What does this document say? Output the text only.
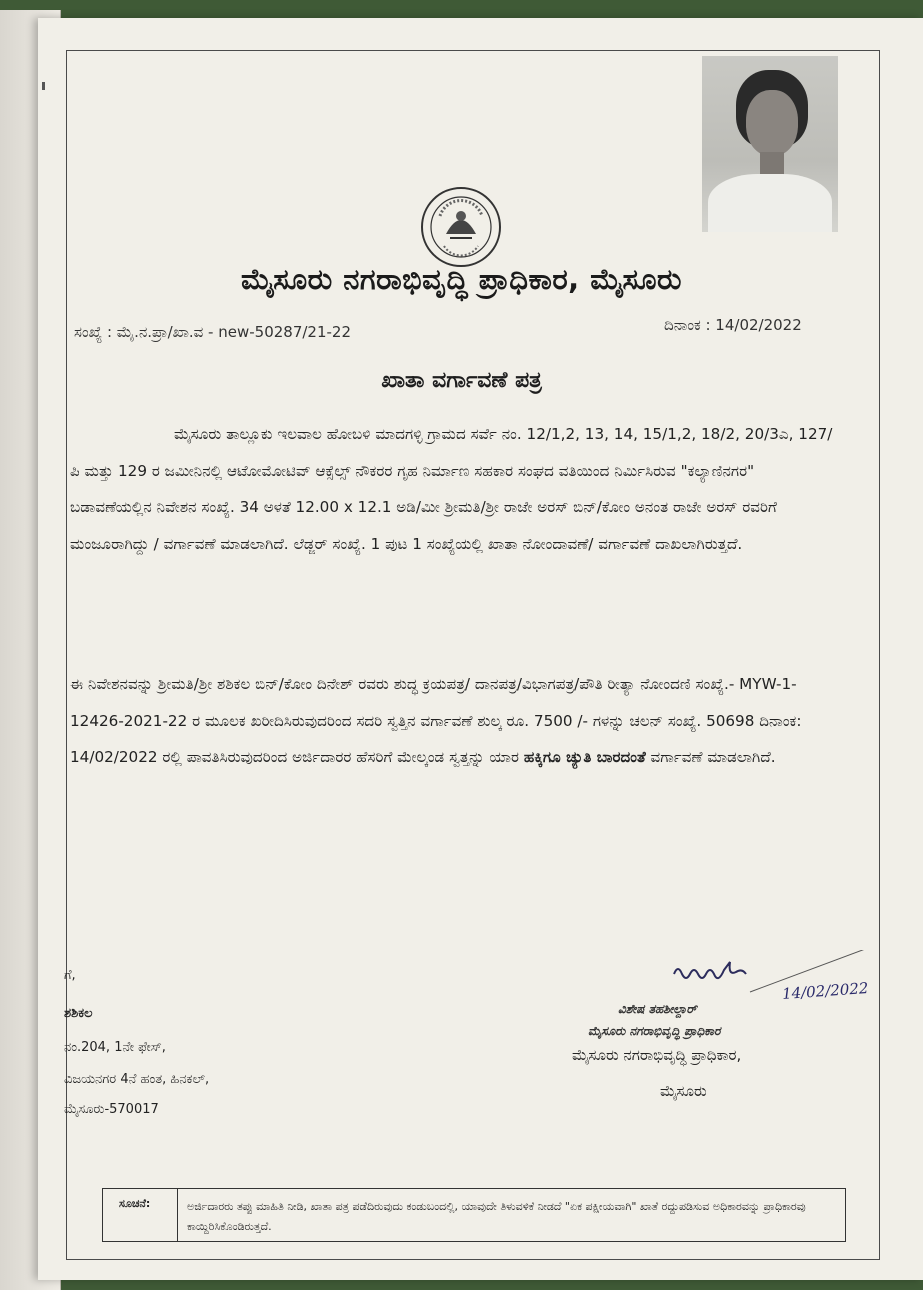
ಮೈಸೂರು ನಗರಾಭಿವೃದ್ಧಿ ಪ್ರಾಧಿಕಾರ, ಮೈಸೂರು
ಸಂಖ್ಯೆ : ಮೈ.ನ.ಪ್ರಾ/ಖಾ.ವ - new-50287/21-22	ದಿನಾಂಕ : 14/02/2022
ಖಾತಾ ವರ್ಗಾವಣೆ ಪತ್ರ

ಮೈಸೂರು ತಾಲ್ಲೂಕು ಇಲವಾಲ ಹೋಬಳಿ ಮಾದಗಳ್ಳಿ ಗ್ರಾಮದ ಸರ್ವೆ ನಂ. 12/1,2, 13, 14, 15/1,2, 18/2, 20/3ಎ, 127/ಪಿ ಮತ್ತು 129 ರ ಜಮೀನಿನಲ್ಲಿ ಆಟೋಮೋಟಿವ್ ಆಕ್ಸೆಲ್ಸ್ ನೌಕರರ ಗೃಹ ನಿರ್ಮಾಣ ಸಹಕಾರ ಸಂಘದ ವತಿಯಿಂದ ನಿರ್ಮಿಸಿರುವ "ಕಲ್ಯಾಣಿನಗರ" ಬಡಾವಣೆಯಲ್ಲಿನ ನಿವೇಶನ ಸಂಖ್ಯೆ. 34 ಅಳತೆ 12.00 x 12.1 ಅಡಿ/ಮೀ ಶ್ರೀಮತಿ/ಶ್ರೀ ರಾಜೇ ಅರಸ್ ಬಿನ್/ಕೋಂ ಅನಂತ ರಾಜೇ ಅರಸ್ ರವರಿಗೆ ಮಂಜೂರಾಗಿದ್ದು / ವರ್ಗಾವಣೆ ಮಾಡಲಾಗಿದೆ. ಲೆಡ್ಜರ್ ಸಂಖ್ಯೆ. 1 ಪುಟ 1 ಸಂಖ್ಯೆಯಲ್ಲಿ ಖಾತಾ ನೋಂದಾವಣೆ/ ವರ್ಗಾವಣೆ ದಾಖಲಾಗಿರುತ್ತದೆ.

ಈ ನಿವೇಶನವನ್ನು ಶ್ರೀಮತಿ/ಶ್ರೀ ಶಶಿಕಲ ಬಿನ್/ಕೋಂ ದಿನೇಶ್ ರವರು ಶುದ್ಧ ಕ್ರಯಪತ್ರ/ ದಾನಪತ್ರ/ವಿಭಾಗಪತ್ರ/ಪೌತಿ ರೀತ್ಯಾ ನೋಂದಣಿ ಸಂಖ್ಯೆ.- MYW-1-12426-2021-22 ರ ಮೂಲಕ ಖರೀದಿಸಿರುವುದರಿಂದ ಸದರಿ ಸ್ವತ್ತಿನ ವರ್ಗಾವಣೆ ಶುಲ್ಕ ರೂ. 7500 /- ಗಳನ್ನು ಚಲನ್ ಸಂಖ್ಯೆ. 50698 ದಿನಾಂಕ: 14/02/2022 ರಲ್ಲಿ ಪಾವತಿಸಿರುವುದರಿಂದ ಅರ್ಜಿದಾರರ ಹೆಸರಿಗೆ ಮೇಲ್ಕಂಡ ಸ್ವತ್ತನ್ನು ಯಾರ ಹಕ್ಕಿಗೂ ಚ್ಯುತಿ ಬಾರದಂತೆ ವರ್ಗಾವಣೆ ಮಾಡಲಾಗಿದೆ.

ಗೆ,
ಶಶಿಕಲ
ನಂ.204, 1ನೇ ಫೇಸ್,
ವಿಜಯನಗರ 4ನೆ ಹಂತ, ಹಿನಕಲ್,
ಮೈಸೂರು-570017
14/02/2022
ವಿಶೇಷ ತಹಶೀಲ್ದಾರ್
ಮೈಸೂರು ನಗರಾಭಿವೃದ್ಧಿ ಪ್ರಾಧಿಕಾರ
ಮೈಸೂರು ನಗರಾಭಿವೃದ್ಧಿ ಪ್ರಾಧಿಕಾರ,
ಮೈಸೂರು
ಸೂಚನೆ:	ಅರ್ಜಿದಾರರು ತಪ್ಪು ಮಾಹಿತಿ ನೀಡಿ, ಖಾತಾ ಪತ್ರ ಪಡೆದಿರುವುದು ಕಂಡುಬಂದಲ್ಲಿ, ಯಾವುದೇ ತಿಳುವಳಿಕೆ ನೀಡದೆ "ಏಕ ಪಕ್ಷೀಯವಾಗಿ" ಖಾತೆ ರದ್ದುಪಡಿಸುವ ಅಧಿಕಾರವನ್ನು ಪ್ರಾಧಿಕಾರವು ಕಾಯ್ದಿರಿಸಿಕೊಂಡಿರುತ್ತದೆ.
